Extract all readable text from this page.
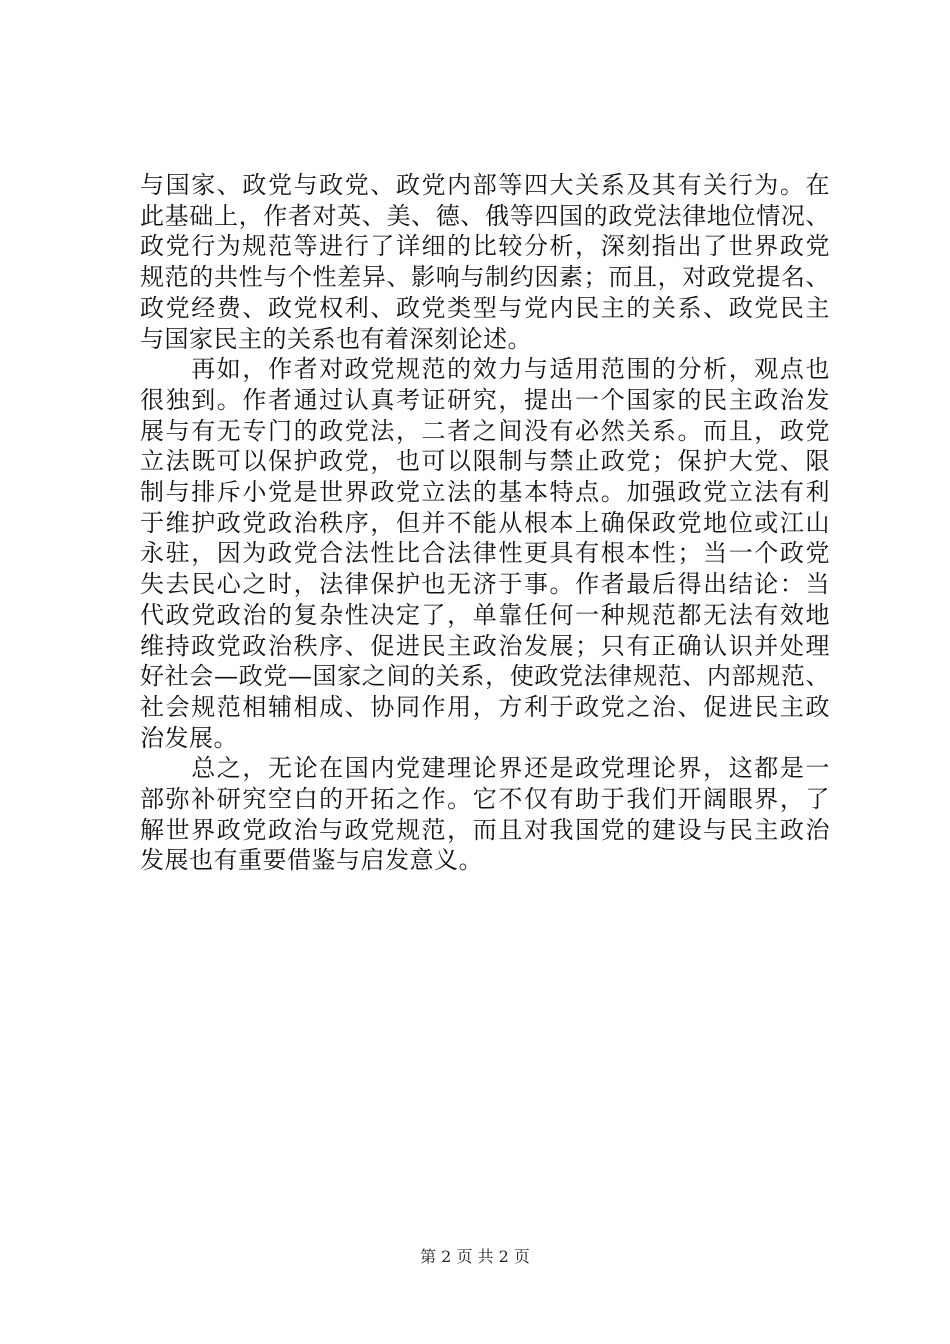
与国家、政党与政党、政党内部等四大关系及其有关行为。在
此基础上，作者对英、美、德、俄等四国的政党法律地位情况、
政党行为规范等进行了详细的比较分析，深刻指出了世界政党
规范的共性与个性差异、影响与制约因素；而且，对政党提名、
政党经费、政党权利、政党类型与党内民主的关系、政党民主
与国家民主的关系也有着深刻论述。
　　再如，作者对政党规范的效力与适用范围的分析，观点也
很独到。作者通过认真考证研究，提出一个国家的民主政治发
展与有无专门的政党法，二者之间没有必然关系。而且，政党
立法既可以保护政党，也可以限制与禁止政党；保护大党、限
制与排斥小党是世界政党立法的基本特点。加强政党立法有利
于维护政党政治秩序，但并不能从根本上确保政党地位或江山
永驻，因为政党合法性比合法律性更具有根本性；当一个政党
失去民心之时，法律保护也无济于事。作者最后得出结论：当
代政党政治的复杂性决定了，单靠任何一种规范都无法有效地
维持政党政治秩序、促进民主政治发展；只有正确认识并处理
好社会—政党—国家之间的关系，使政党法律规范、内部规范、
社会规范相辅相成、协同作用，方利于政党之治、促进民主政
治发展。
　　总之，无论在国内党建理论界还是政党理论界，这都是一
部弥补研究空白的开拓之作。它不仅有助于我们开阔眼界，了
解世界政党政治与政党规范，而且对我国党的建设与民主政治
发展也有重要借鉴与启发意义。
第 2 页 共 2 页
